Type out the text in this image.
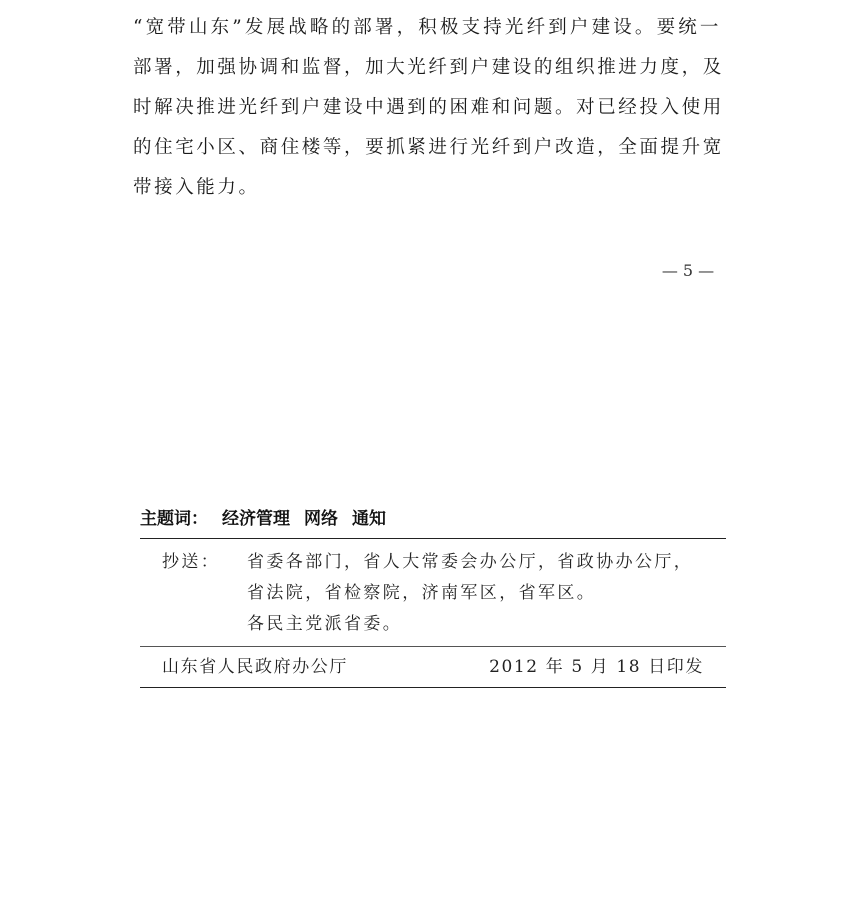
“宽带山东”发展战略的部署，积极支持光纤到户建设。要统一
部署，加强协调和监督，加大光纤到户建设的组织推进力度，及
时解决推进光纤到户建设中遇到的困难和问题。对已经投入使用
的住宅小区、商住楼等，要抓紧进行光纤到户改造，全面提升宽
带接入能力。
— 5 —
主题词： 经济管理 网络 通知
抄送：	省委各部门，省人大常委会办公厅，省政协办公厅，
省法院，省检察院，济南军区，省军区。
各民主党派省委。
山东省人民政府办公厅	2012 年 5 月 18 日印发
